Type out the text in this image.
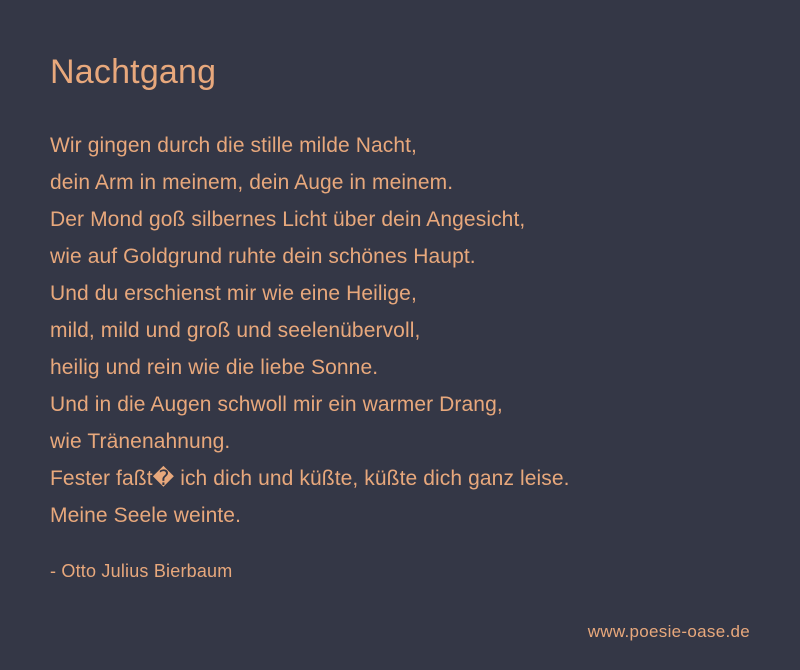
Nachtgang
Wir gingen durch die stille milde Nacht,
dein Arm in meinem, dein Auge in meinem.
Der Mond goß silbernes Licht über dein Angesicht,
wie auf Goldgrund ruhte dein schönes Haupt.
Und du erschienst mir wie eine Heilige,
mild, mild und groß und seelenübervoll,
heilig und rein wie die liebe Sonne.
Und in die Augen schwoll mir ein warmer Drang,
wie Tränenahnung.
Fester faßt� ich dich und küßte, küßte dich ganz leise.
Meine Seele weinte.
- Otto Julius Bierbaum
www.poesie-oase.de
